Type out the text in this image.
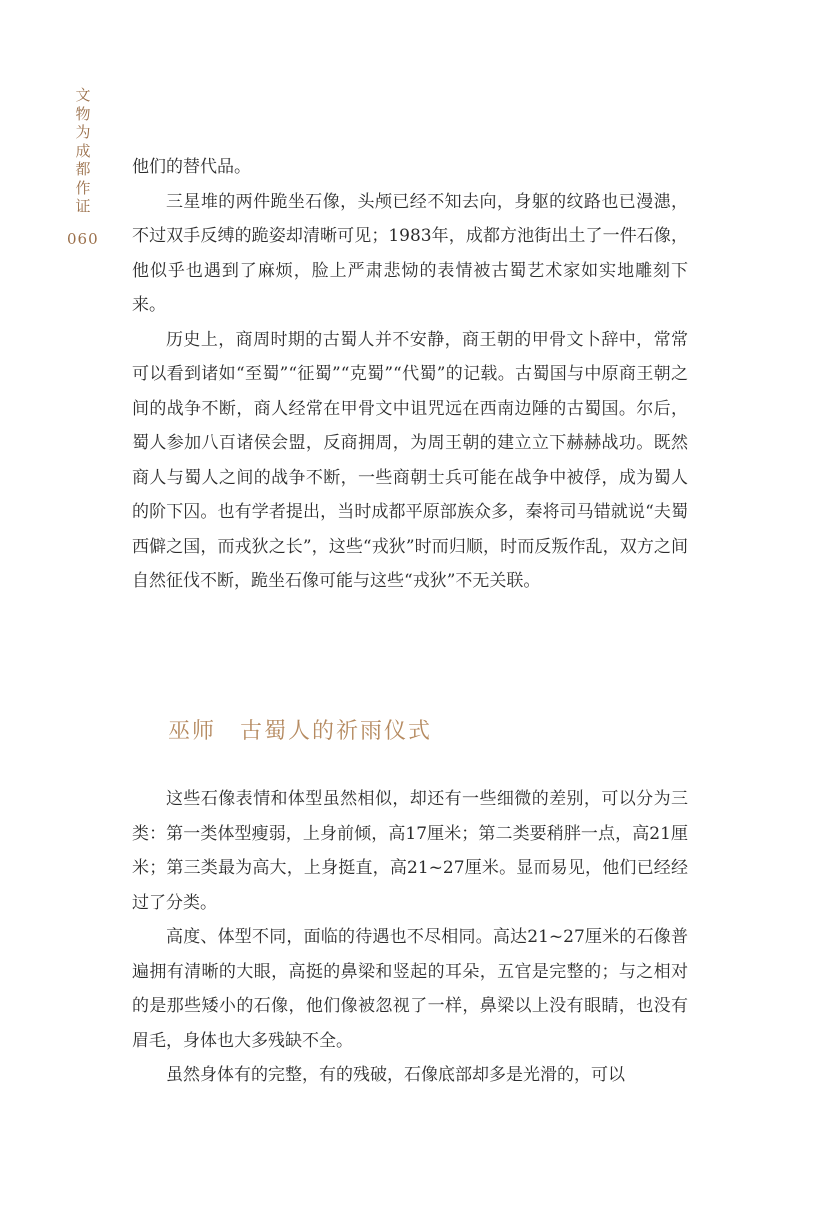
文物为成都作证
060

他们的替代品。

三星堆的两件跪坐石像，头颅已经不知去向，身躯的纹路也已漫漶，不过双手反缚的跪姿却清晰可见；1983年，成都方池街出土了一件石像，他似乎也遇到了麻烦，脸上严肃悲恸的表情被古蜀艺术家如实地雕刻下来。

历史上，商周时期的古蜀人并不安静，商王朝的甲骨文卜辞中，常常可以看到诸如“至蜀”“征蜀”“克蜀”“代蜀”的记载。古蜀国与中原商王朝之间的战争不断，商人经常在甲骨文中诅咒远在西南边陲的古蜀国。尔后，蜀人参加八百诸侯会盟，反商拥周，为周王朝的建立立下赫赫战功。既然商人与蜀人之间的战争不断，一些商朝士兵可能在战争中被俘，成为蜀人的阶下囚。也有学者提出，当时成都平原部族众多，秦将司马错就说“夫蜀西僻之国，而戎狄之长”，这些“戎狄”时而归顺，时而反叛作乱，双方之间自然征伐不断，跪坐石像可能与这些“戎狄”不无关联。

巫师　古蜀人的祈雨仪式

这些石像表情和体型虽然相似，却还有一些细微的差别，可以分为三类：第一类体型瘦弱，上身前倾，高17厘米；第二类要稍胖一点，高21厘米；第三类最为高大，上身挺直，高21~27厘米。显而易见，他们已经经过了分类。

高度、体型不同，面临的待遇也不尽相同。高达21~27厘米的石像普遍拥有清晰的大眼，高挺的鼻梁和竖起的耳朵，五官是完整的；与之相对的是那些矮小的石像，他们像被忽视了一样，鼻梁以上没有眼睛，也没有眉毛，身体也大多残缺不全。

虽然身体有的完整，有的残破，石像底部却多是光滑的，可以
